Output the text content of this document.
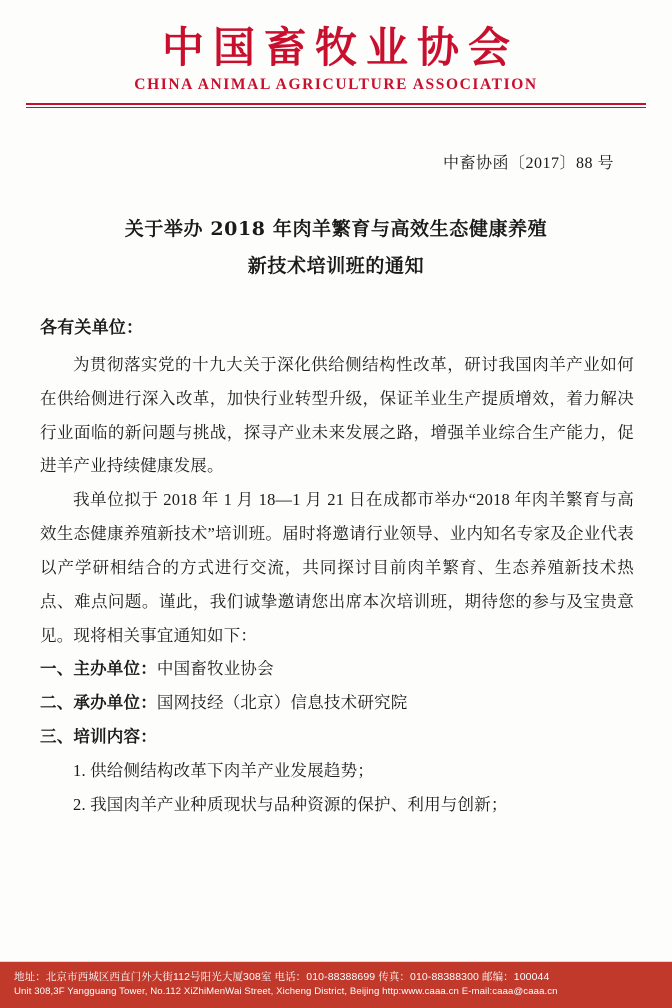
中国畜牧业协会
CHINA ANIMAL AGRICULTURE ASSOCIATION
中畜协函〔2017〕88 号
关于举办 2018 年肉羊繁育与高效生态健康养殖
新技术培训班的通知
各有关单位：

为贯彻落实党的十九大关于深化供给侧结构性改革，研讨我国肉羊产业如何在供给侧进行深入改革，加快行业转型升级，保证羊业生产提质增效，着力解决行业面临的新问题与挑战，探寻产业未来发展之路，增强羊业综合生产能力，促进羊产业持续健康发展。

我单位拟于 2018 年 1 月 18—1 月 21 日在成都市举办“2018 年肉羊繁育与高效生态健康养殖新技术”培训班。届时将邀请行业领导、业内知名专家及企业代表以产学研相结合的方式进行交流，共同探讨目前肉羊繁育、生态养殖新技术热点、难点问题。谨此，我们诚挚邀请您出席本次培训班，期待您的参与及宝贵意见。现将相关事宜通知如下：

一、主办单位：中国畜牧业协会

二、承办单位：国网技经（北京）信息技术研究院

三、培训内容：

1. 供给侧结构改革下肉羊产业发展趋势；

2. 我国肉羊产业种质现状与品种资源的保护、利用与创新；

地址：北京市西城区西直门外大街112号阳光大厦308室 电话：010-88388699 传真：010-88388300 邮编：100044
Unit 308,3F Yangguang Tower, No.112 XiZhiMenWai Street, Xicheng District, Beijing http:www.caaa.cn E-mail:caaa@caaa.cn
